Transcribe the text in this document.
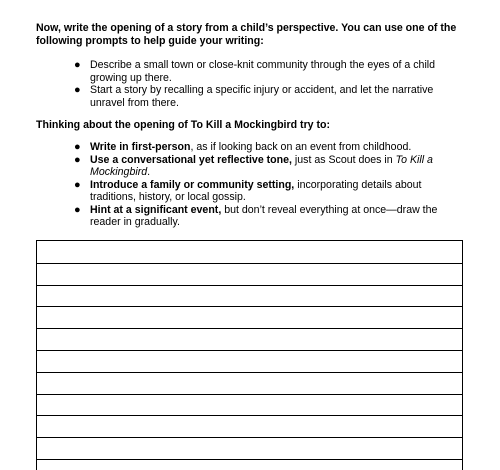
Now, write the opening of a story from a child’s perspective. You can use one of the following prompts to help guide your writing:

● Describe a small town or close-knit community through the eyes of a child growing up there.
● Start a story by recalling a specific injury or accident, and let the narrative unravel from there.

Thinking about the opening of To Kill a Mockingbird try to:

● Write in first-person, as if looking back on an event from childhood.
● Use a conversational yet reflective tone, just as Scout does in To Kill a Mockingbird.
● Introduce a family or community setting, incorporating details about traditions, history, or local gossip.
● Hint at a significant event, but don’t reveal everything at once—draw the reader in gradually.
